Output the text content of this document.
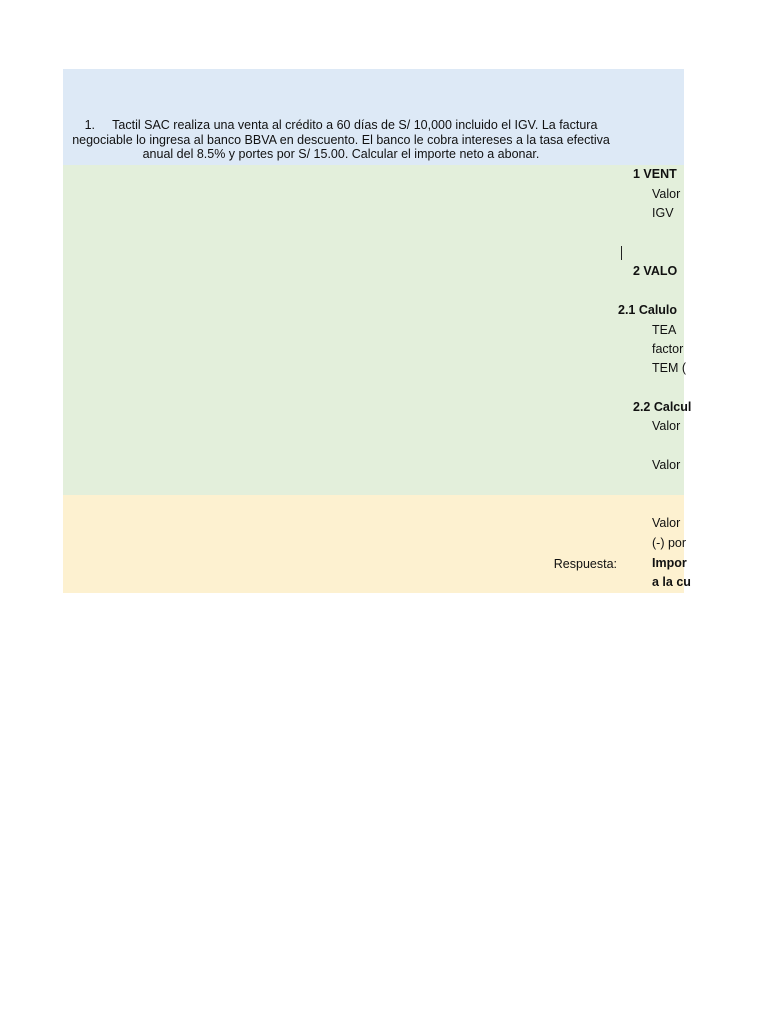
1.     Tactil SAC realiza una venta al crédito a 60 días de S/ 10,000 incluido el IGV. La factura negociable lo ingresa al banco BBVA en descuento. El banco le cobra intereses a la tasa efectiva anual del 8.5% y portes por S/ 15.00. Calcular el importe neto a abonar.
1 VENT
Valor
IGV
2 VALO
2.1 Calulo
TEA
factor
TEM (
2.2 Calcul
Valor
Valor
Valor
(-) por
Respuesta:	Impor
a la cu
